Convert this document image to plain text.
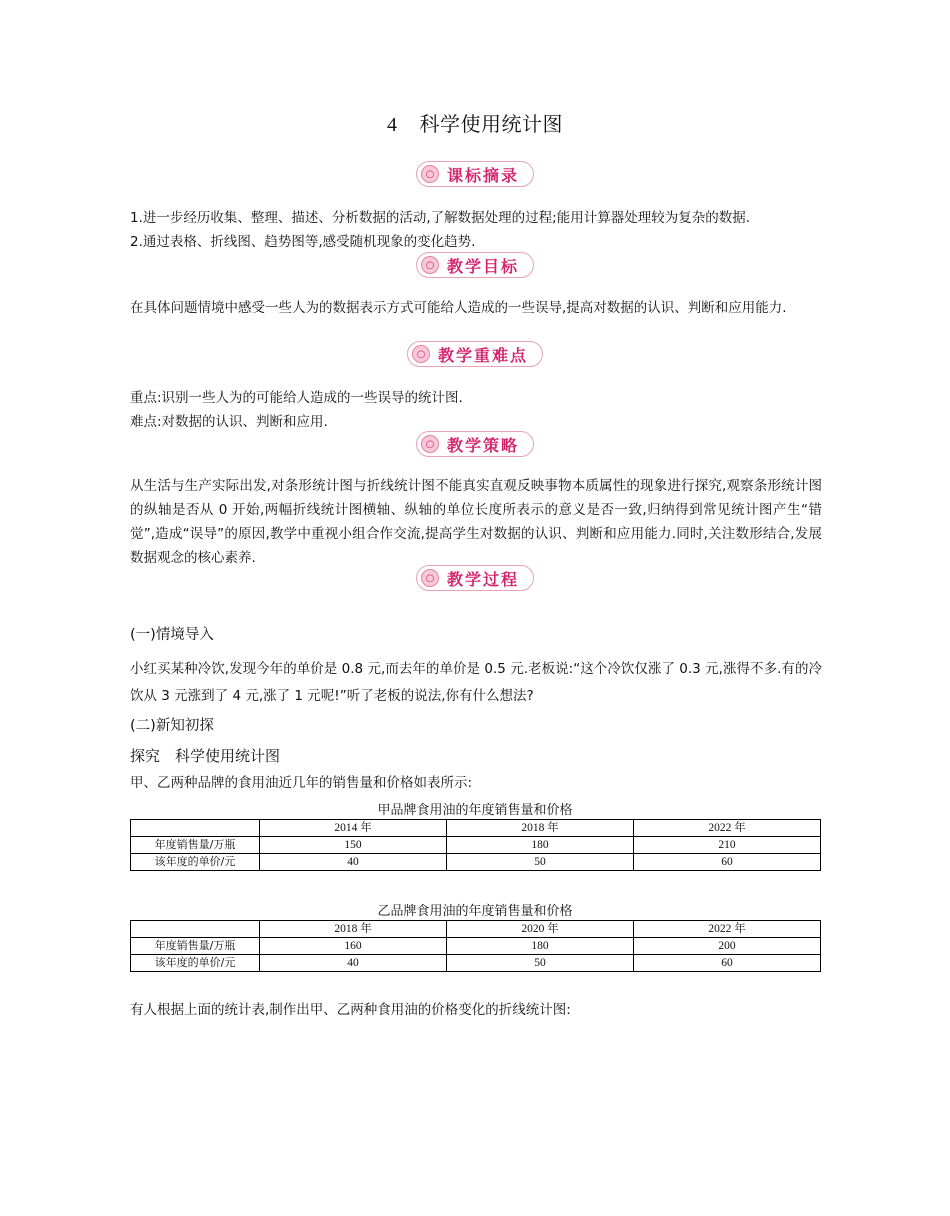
4 科学使用统计图
○ 课标摘录
1.进一步经历收集、整理、描述、分析数据的活动,了解数据处理的过程;能用计算器处理较为复杂的数据.
2.通过表格、折线图、趋势图等,感受随机现象的变化趋势.
○ 教学目标
在具体问题情境中感受一些人为的数据表示方式可能给人造成的一些误导,提高对数据的认识、判断和应用能力.
○ 教学重难点
重点:识别一些人为的可能给人造成的一些误导的统计图.
难点:对数据的认识、判断和应用.
○ 教学策略
从生活与生产实际出发,对条形统计图与折线统计图不能真实直观反映事物本质属性的现象进行探究,观察条形统计图的纵轴是否从 0 开始,两幅折线统计图横轴、纵轴的单位长度所表示的意义是否一致,归纳得到常见统计图产生“错觉”,造成“误导”的原因,教学中重视小组合作交流,提高学生对数据的认识、判断和应用能力.同时,关注数形结合,发展数据观念的核心素养.
○ 教学过程
(一)情境导入
小红买某种冷饮,发现今年的单价是 0.8 元,而去年的单价是 0.5 元.老板说:“这个冷饮仅涨了 0.3 元,涨得不多.有的冷饮从 3 元涨到了 4 元,涨了 1 元呢!”听了老板的说法,你有什么想法?
(二)新知初探
探究　科学使用统计图
甲、乙两种品牌的食用油近几年的销售量和价格如表所示:
甲品牌食用油的年度销售量和价格
	2014 年	2018 年	2022 年
年度销售量/万瓶	150	180	210
该年度的单价/元	40	50	60
乙品牌食用油的年度销售量和价格
	2018 年	2020 年	2022 年
年度销售量/万瓶	160	180	200
该年度的单价/元	40	50	60
有人根据上面的统计表,制作出甲、乙两种食用油的价格变化的折线统计图:
